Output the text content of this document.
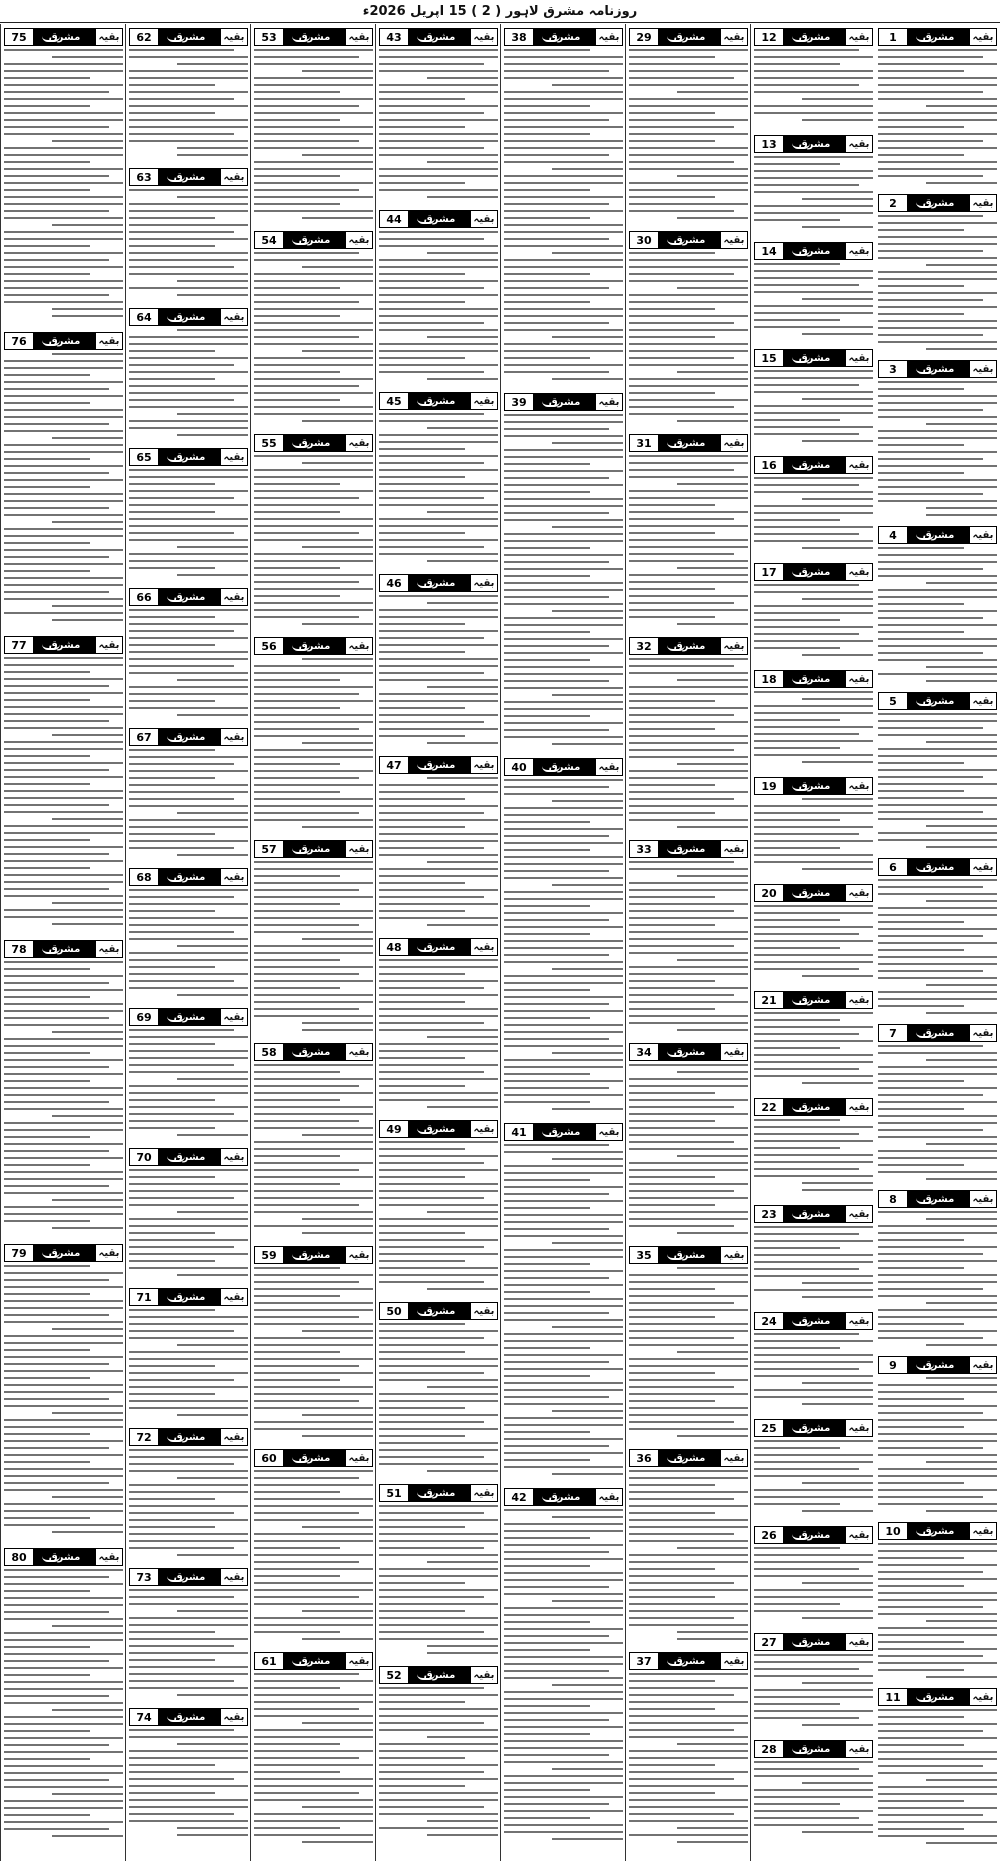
روزنامہ مشرق لاہور ( 2 ) 15 اپریل 2026ء
1	مشرق	بقیہ
2	مشرق	بقیہ
3	مشرق	بقیہ
4	مشرق	بقیہ
5	مشرق	بقیہ
6	مشرق	بقیہ
7	مشرق	بقیہ
8	مشرق	بقیہ
9	مشرق	بقیہ
10	مشرق	بقیہ
11	مشرق	بقیہ
12	مشرق	بقیہ
13	مشرق	بقیہ
14	مشرق	بقیہ
15	مشرق	بقیہ
16	مشرق	بقیہ
17	مشرق	بقیہ
18	مشرق	بقیہ
19	مشرق	بقیہ
20	مشرق	بقیہ
21	مشرق	بقیہ
22	مشرق	بقیہ
23	مشرق	بقیہ
24	مشرق	بقیہ
25	مشرق	بقیہ
26	مشرق	بقیہ
27	مشرق	بقیہ
28	مشرق	بقیہ
29	مشرق	بقیہ
30	مشرق	بقیہ
31	مشرق	بقیہ
32	مشرق	بقیہ
33	مشرق	بقیہ
34	مشرق	بقیہ
35	مشرق	بقیہ
36	مشرق	بقیہ
37	مشرق	بقیہ
38	مشرق	بقیہ
39	مشرق	بقیہ
40	مشرق	بقیہ
41	مشرق	بقیہ
42	مشرق	بقیہ
43	مشرق	بقیہ
44	مشرق	بقیہ
45	مشرق	بقیہ
46	مشرق	بقیہ
47	مشرق	بقیہ
48	مشرق	بقیہ
49	مشرق	بقیہ
50	مشرق	بقیہ
51	مشرق	بقیہ
52	مشرق	بقیہ
53	مشرق	بقیہ
54	مشرق	بقیہ
55	مشرق	بقیہ
56	مشرق	بقیہ
57	مشرق	بقیہ
58	مشرق	بقیہ
59	مشرق	بقیہ
60	مشرق	بقیہ
61	مشرق	بقیہ
62	مشرق	بقیہ
63	مشرق	بقیہ
64	مشرق	بقیہ
65	مشرق	بقیہ
66	مشرق	بقیہ
67	مشرق	بقیہ
68	مشرق	بقیہ
69	مشرق	بقیہ
70	مشرق	بقیہ
71	مشرق	بقیہ
72	مشرق	بقیہ
73	مشرق	بقیہ
74	مشرق	بقیہ
75	مشرق	بقیہ
76	مشرق	بقیہ
77	مشرق	بقیہ
78	مشرق	بقیہ
79	مشرق	بقیہ
80	مشرق	بقیہ
